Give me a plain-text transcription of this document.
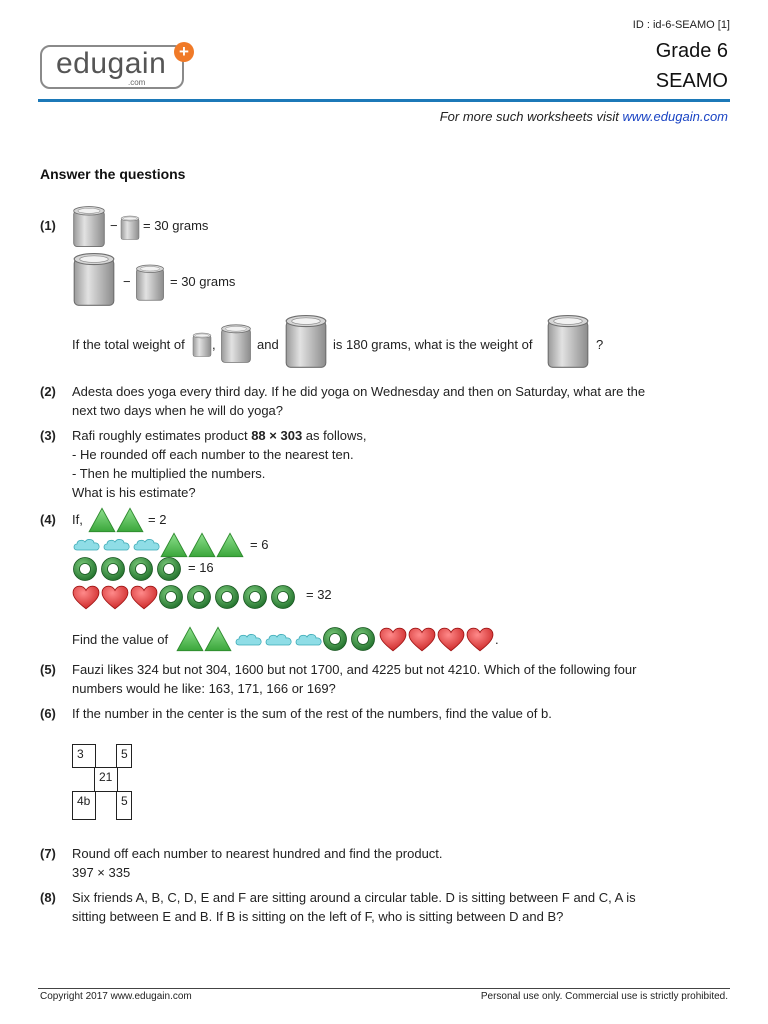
ID : id-6-SEAMO [1]
Grade 6
SEAMO
edugain
.com
+
For more such worksheets visit www.edugain.com
Answer the questions
(1)	− = 30 grams
−	= 30 grams
If the total weight of ,	and	is 180 grams, what is the weight of	?
(2) Adesta does yoga every third day. If he did yoga on Wednesday and then on Saturday, what are the
next two days when he will do yoga?
(3) Rafi roughly estimates product 88 × 303 as follows,
- He rounded off each number to the nearest ten.
- Then he multiplied the numbers.
What is his estimate?
(4) If,	= 2
= 6
= 16
= 32
Find the value of	.
(5) Fauzi likes 324 but not 304, 1600 but not 1700, and 4225 but not 4210. Which of the following four
numbers would he like: 163, 171, 166 or 169?
(6) If the number in the center is the sum of the rest of the numbers, find the value of b.
3	5
21
4b	5
(7) Round off each number to nearest hundred and find the product.
397 × 335
(8) Six friends A, B, C, D, E and F are sitting around a circular table. D is sitting between F and C, A is
sitting between E and B. If B is sitting on the left of F, who is sitting between D and B?
Copyright 2017 www.edugain.com	Personal use only. Commercial use is strictly prohibited.
